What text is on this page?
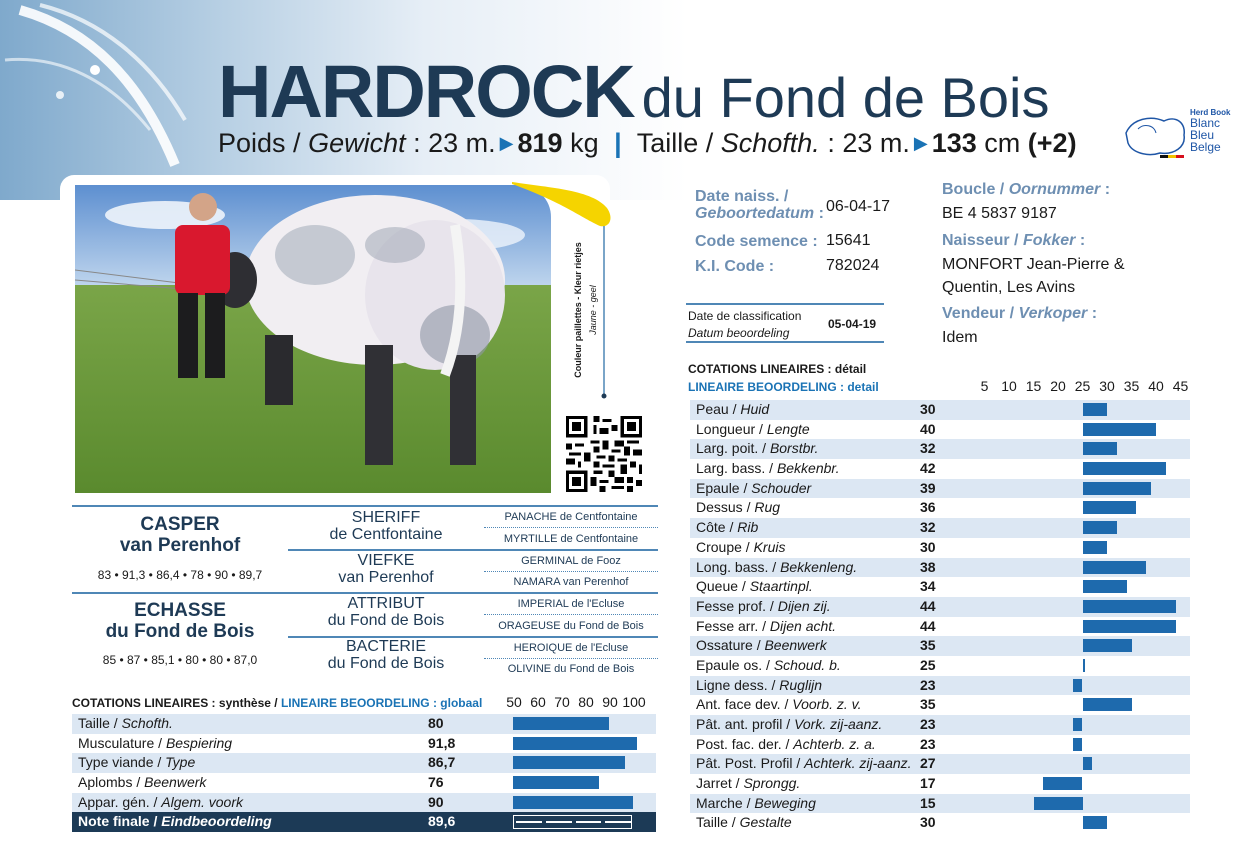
HARDROCK du Fond de Bois
Poids / Gewicht : 23 m. ▶ 819 kg | Taille / Schofth. : 23 m. ▶ 133 cm (+2)
Herd Book
Blanc
Bleu
Belge
Couleur paillettes - Kleur rietjes Jaune - geel
Date naiss. /
Geboortedatum : 06-04-17
Code semence : 15641
K.I. Code :	782024
Date de classification
Datum beoordeling
05-04-19
Boucle / Oornummer :
BE 4 5837 9187
Naisseur / Fokker :
MONFORT Jean-Pierre &
Quentin, Les Avins
Vendeur / Verkoper :
Idem
COTATIONS LINEAIRES : détail
LINEAIRE BEOORDELING : detail	5 10 15 20 25 30 35 40 45
Peau / Huid	30
Longueur / Lengte	40
Larg. poit. / Borstbr.	32
Larg. bass. / Bekkenbr.	42
Epaule / Schouder	39
Dessus / Rug	36
Côte / Rib	32
Croupe / Kruis	30
Long. bass. / Bekkenleng.	38
Queue / Staartinpl.	34
Fesse prof. / Dijen zij.	44
Fesse arr. / Dijen acht.	44
Ossature / Beenwerk	35
Epaule os. / Schoud. b.	25
Ligne dess. / Ruglijn	23
Ant. face dev. / Voorb. z. v.	35
Pât. ant. profil / Vork. zij-aanz.	23
Post. fac. der. / Achterb. z. a.	23
Pât. Post. Profil / Achterk. zij-aanz. 27
Jarret / Sprongg.	17
Marche / Beweging	15
Taille / Gestalte	30
CASPER
van Perenhof
83 • 91,3 • 86,4 • 78 • 90 • 89,7
ECHASSE
du Fond de Bois
85 • 87 • 85,1 • 80 • 80 • 87,0
SHERIFF
de Centfontaine
VIEFKE
van Perenhof
ATTRIBUT
du Fond de Bois
BACTERIE
du Fond de Bois
PANACHE de Centfontaine
MYRTILLE de Centfontaine
GERMINAL de Fooz
NAMARA van Perenhof
IMPERIAL de l'Ecluse
ORAGEUSE du Fond de Bois
HEROIQUE de l'Ecluse
OLIVINE du Fond de Bois
COTATIONS LINEAIRES : synthèse / LINEAIRE BEOORDELING : globaal 50 60 70 80 90 100
Taille / Schofth.	80
Musculature / Bespiering	91,8
Type viande / Type	86,7
Aplombs / Beenwerk	76
Appar. gén. / Algem. voork	90
Note finale / Eindbeoordeling	89,6
